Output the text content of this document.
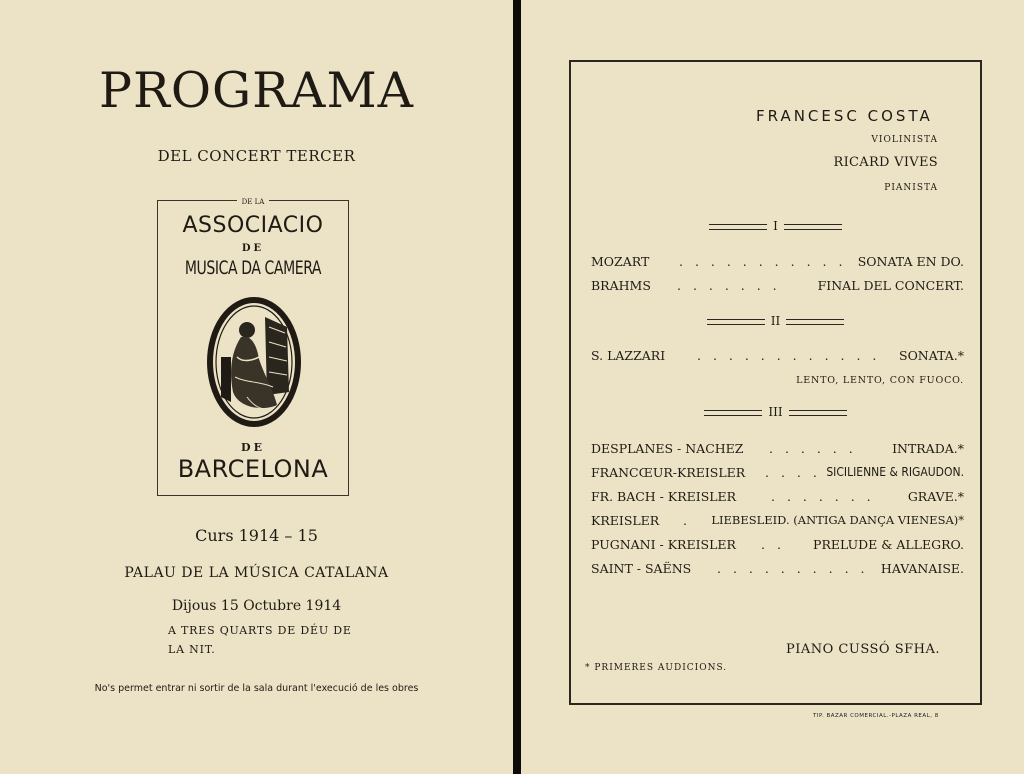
PROGRAMA
DEL CONCERT TERCER
DE LA
ASSOCIACIO
DE
MUSICA DA CAMERA
DE
BARCELONA
Curs 1914 – 15
PALAU DE LA MÚSICA CATALANA
Dijous 15 Octubre 1914
A TRES QUARTS DE DÉU DE
LA NIT.
No's permet entrar ni sortir de la sala durant l'execució de les obres
FRANCESC COSTA
VIOLINISTA
RICARD VIVES
PIANISTA
I
MOZART . . . . . . . . . . . SONATA EN DO.
BRAHMS . . . . . . .	FINAL DEL CONCERT.
II
S. LAZZARI	. . . . . . . . . . . . SONATA.*
LENTO, LENTO, CON FUOCO.
III
DESPLANES - NACHEZ . . . . . .	INTRADA.*
FRANCŒUR-KREISLER . . . . SICILIENNE & RIGAUDON.
FR. BACH - KREISLER	. . . . . . .	GRAVE.*
KREISLER . LIEBESLEID. (ANTIGA DANÇA VIENESA)*
PUGNANI - KREISLER . . PRELUDE & ALLEGRO.
SAINT - SAËNS . . . . . . . . . . HAVANAISE.
PIANO CUSSÓ SFHA.
* PRIMERES AUDICIONS.
TIP. BAZAR COMERCIAL.-PLAZA REAL, 8
